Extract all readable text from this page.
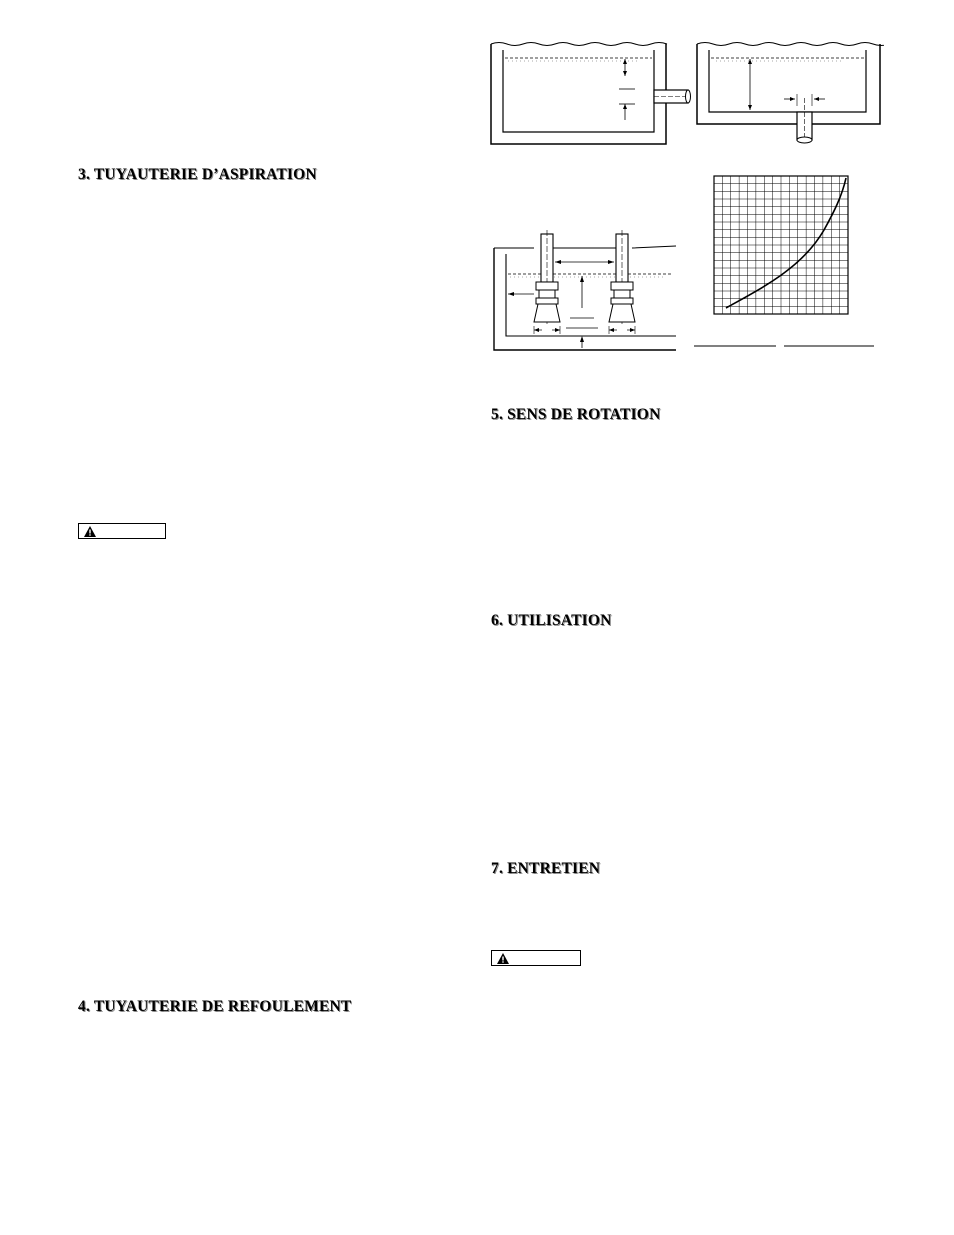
3. TUYAUTERIE D’ASPIRATION
4. TUYAUTERIE DE REFOULEMENT
5. SENS DE ROTATION
6. UTILISATION
7. ENTRETIEN
